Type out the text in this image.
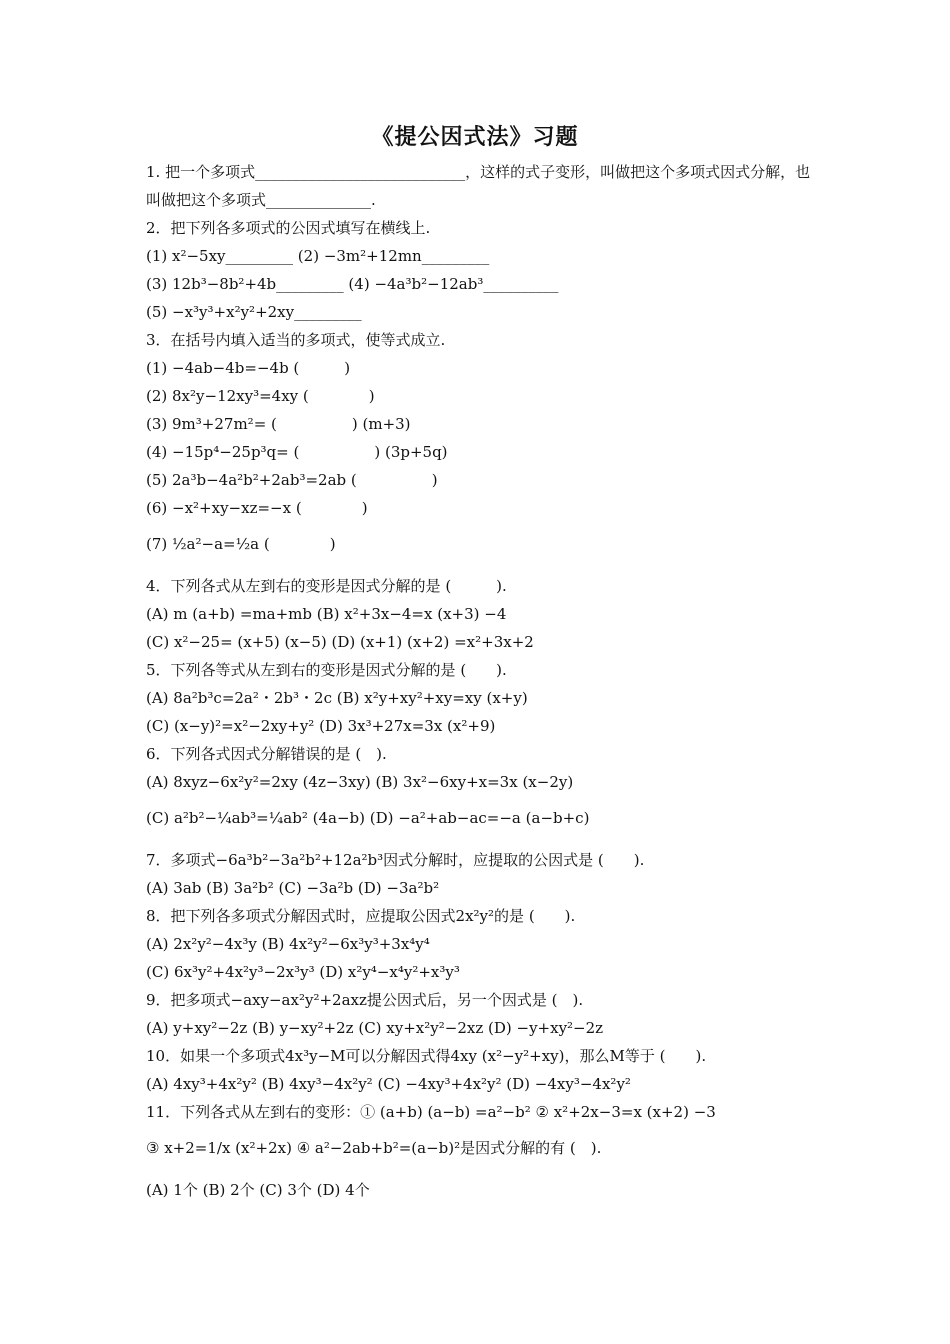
《提公因式法》习题
1. 把一个多项式____________________________，这样的式子变形，叫做把这个多项式因式分解，也叫做把这个多项式______________.
2．把下列各多项式的公因式填写在横线上.
(1) x²−5xy_________ (2) −3m²+12mn_________
(3) 12b³−8b²+4b_________ (4) −4a³b²−12ab³__________
(5) −x³y³+x²y²+2xy_________
3．在括号内填入适当的多项式，使等式成立.
(1) −4ab−4b=−4b (　　　)
(2) 8x²y−12xy³=4xy (　　　　)
(3) 9m³+27m²= (　　　　　) (m+3)
(4) −15p⁴−25p³q= (　　　　　) (3p+5q)
(5) 2a³b−4a²b²+2ab³=2ab (　　　　　)
(6) −x²+xy−xz=−x (　　　　)
(7) ½a²−a=½a (　　　　)
4．下列各式从左到右的变形是因式分解的是 (　　　).
(A) m (a+b) =ma+mb (B) x²+3x−4=x (x+3) −4
(C) x²−25= (x+5) (x−5) (D) (x+1) (x+2) =x²+3x+2
5．下列各等式从左到右的变形是因式分解的是 (　　).
(A) 8a²b³c=2a²・2b³・2c (B) x²y+xy²+xy=xy (x+y)
(C) (x−y)²=x²−2xy+y² (D) 3x³+27x=3x (x²+9)
6．下列各式因式分解错误的是 (　).
(A) 8xyz−6x²y²=2xy (4z−3xy) (B) 3x²−6xy+x=3x (x−2y)
(C) a²b²−¼ab³=¼ab² (4a−b) (D) −a²+ab−ac=−a (a−b+c)
7．多项式−6a³b²−3a²b²+12a²b³因式分解时，应提取的公因式是 (　　).
(A) 3ab (B) 3a²b² (C) −3a²b (D) −3a²b²
8．把下列各多项式分解因式时，应提取公因式2x²y²的是 (　　).
(A) 2x²y²−4x³y (B) 4x²y²−6x³y³+3x⁴y⁴
(C) 6x³y²+4x²y³−2x³y³ (D) x²y⁴−x⁴y²+x³y³
9．把多项式−axy−ax²y²+2axz提公因式后，另一个因式是 (　).
(A) y+xy²−2z (B) y−xy²+2z (C) xy+x²y²−2xz (D) −y+xy²−2z
10．如果一个多项式4x³y−M可以分解因式得4xy (x²−y²+xy)，那么M等于 (　　).
(A) 4xy³+4x²y² (B) 4xy³−4x²y² (C) −4xy³+4x²y² (D) −4xy³−4x²y²
11．下列各式从左到右的变形：① (a+b) (a−b) =a²−b² ② x²+2x−3=x (x+2) −3
③ x+2=1/x (x²+2x) ④ a²−2ab+b²=(a−b)²是因式分解的有 (　).
(A) 1个 (B) 2个 (C) 3个 (D) 4个
